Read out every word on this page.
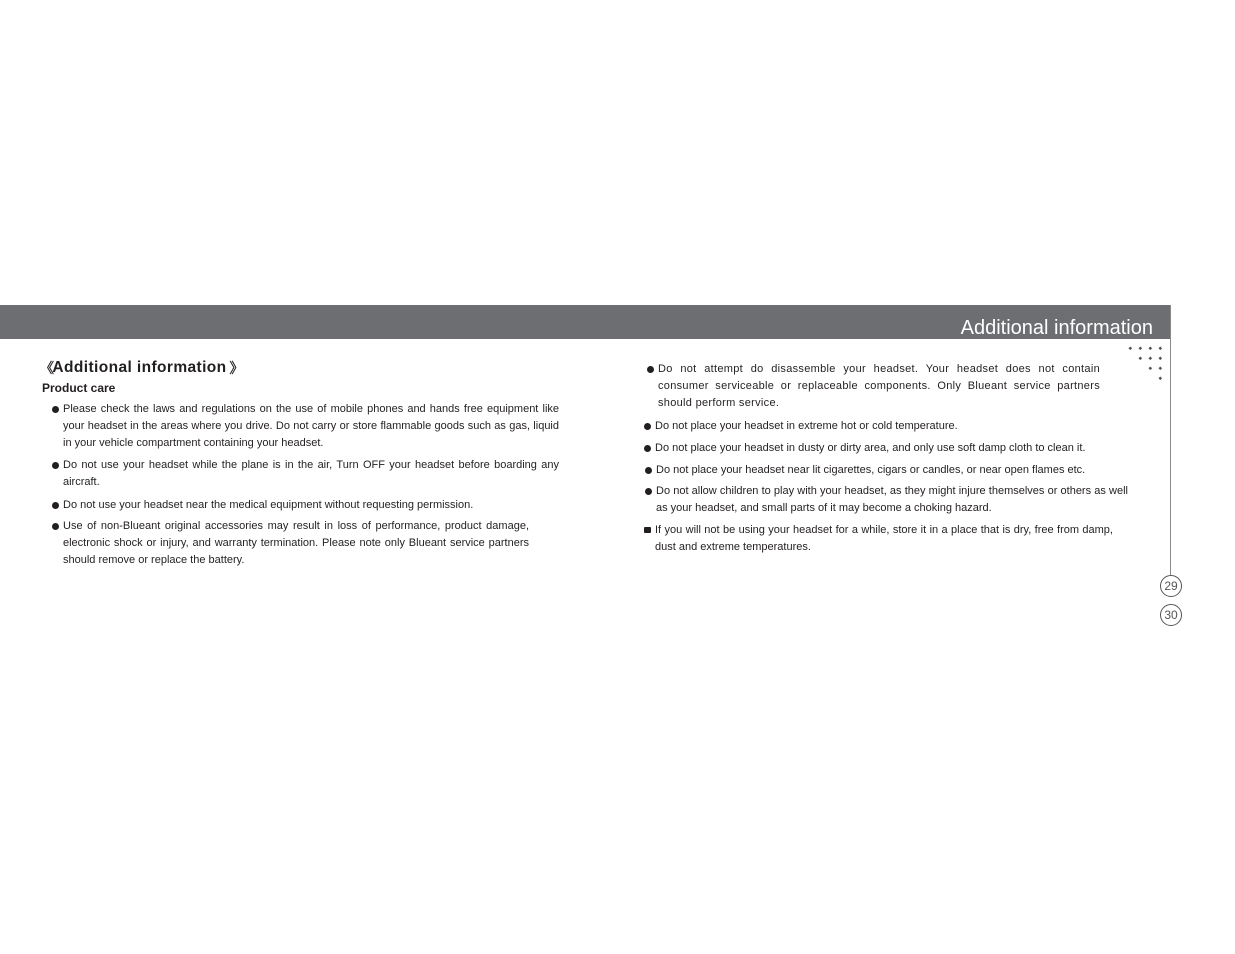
Additional information
《
Additional information 》
Product care
Please check the laws and regulations on the use of mobile phones and hands free equipment like your headset in the areas where you drive. Do not carry or store flammable goods such as gas, liquid in your vehicle compartment containing your headset.
Do not use your headset while the plane is in the air, Turn OFF your headset before boarding any aircraft.
Do not use your headset near the medical equipment without requesting permission.
Use of non-Blueant original accessories may result in loss of performance, product damage, electronic shock or injury, and warranty termination. Please note only Blueant service partners should remove or replace the battery.
Do not attempt do disassemble your headset. Your headset does not contain consumer serviceable or replaceable components. Only Blueant service partners should perform service.
Do not place your headset in extreme hot or cold temperature.
Do not place your headset in dusty or dirty area, and only use soft damp cloth to clean it.
Do not place your headset near lit cigarettes, cigars or candles, or near open flames etc.
Do not allow children to play with your headset, as they might injure themselves or others as well as your headset, and small parts of it may become a choking hazard.
If you will not be using your headset for a while, store it in a place that is dry, free from damp, dust and extreme temperatures.
29
30
